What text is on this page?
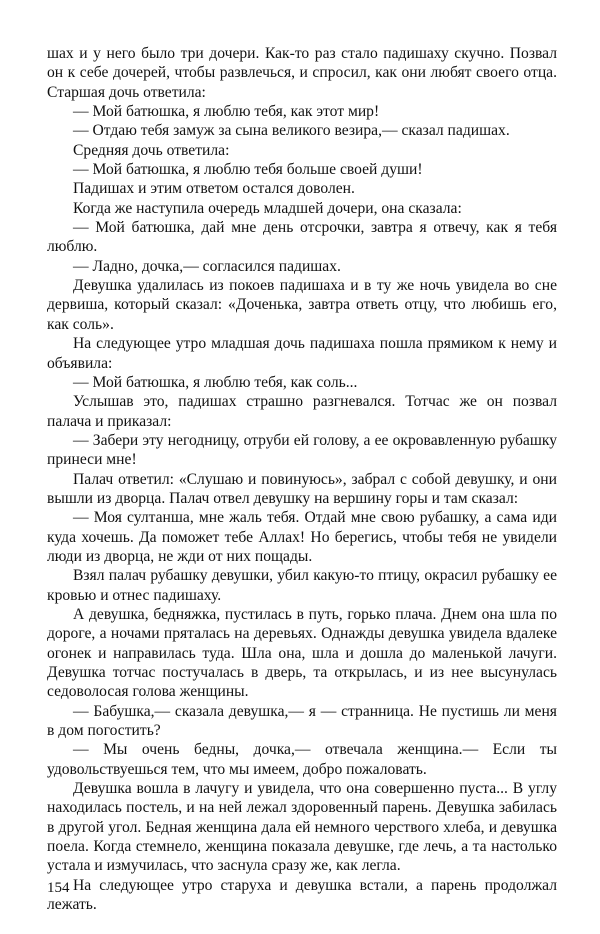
шах и у него было три дочери. Как-то раз стало падишаху скучно. Позвал он к себе дочерей, чтобы развлечься, и спросил, как они любят своего отца. Старшая дочь ответила:

— Мой батюшка, я люблю тебя, как этот мир!

— Отдаю тебя замуж за сына великого везира,— сказал падишах.

Средняя дочь ответила:

— Мой батюшка, я люблю тебя больше своей души!

Падишах и этим ответом остался доволен.

Когда же наступила очередь младшей дочери, она сказала:

— Мой батюшка, дай мне день отсрочки, завтра я отвечу, как я тебя люблю.

— Ладно, дочка,— согласился падишах.

Девушка удалилась из покоев падишаха и в ту же ночь увидела во сне дервиша, который сказал: «Доченька, завтра ответь отцу, что любишь его, как соль».

На следующее утро младшая дочь падишаха пошла прямиком к нему и объявила:

— Мой батюшка, я люблю тебя, как соль...

Услышав это, падишах страшно разгневался. Тотчас же он позвал палача и приказал:

— Забери эту негодницу, отруби ей голову, а ее окровавленную рубашку принеси мне!

Палач ответил: «Слушаю и повинуюсь», забрал с собой девушку, и они вышли из дворца. Палач отвел девушку на вершину горы и там сказал:

— Моя султанша, мне жаль тебя. Отдай мне свою рубашку, а сама иди куда хочешь. Да поможет тебе Аллах! Но берегись, чтобы тебя не увидели люди из дворца, не жди от них пощады.

Взял палач рубашку девушки, убил какую-то птицу, окрасил рубашку ее кровью и отнес падишаху.

А девушка, бедняжка, пустилась в путь, горько плача. Днем она шла по дороге, а ночами пряталась на деревьях. Однажды девушка увидела вдалеке огонек и направилась туда. Шла она, шла и дошла до маленькой лачуги. Девушка тотчас постучалась в дверь, та открылась, и из нее высунулась седоволосая голова женщины.

— Бабушка,— сказала девушка,— я — странница. Не пустишь ли меня в дом погостить?

— Мы очень бедны, дочка,— отвечала женщина.— Если ты удовольствуешься тем, что мы имеем, добро пожаловать.

Девушка вошла в лачугу и увидела, что она совершенно пуста... В углу находилась постель, и на ней лежал здоровенный парень. Девушка забилась в другой угол. Бедная женщина дала ей немного черствого хлеба, и девушка поела. Когда стемнело, женщина показала девушке, где лечь, а та настолько устала и измучилась, что заснула сразу же, как легла.

На следующее утро старуха и девушка встали, а парень продолжал лежать.

154
